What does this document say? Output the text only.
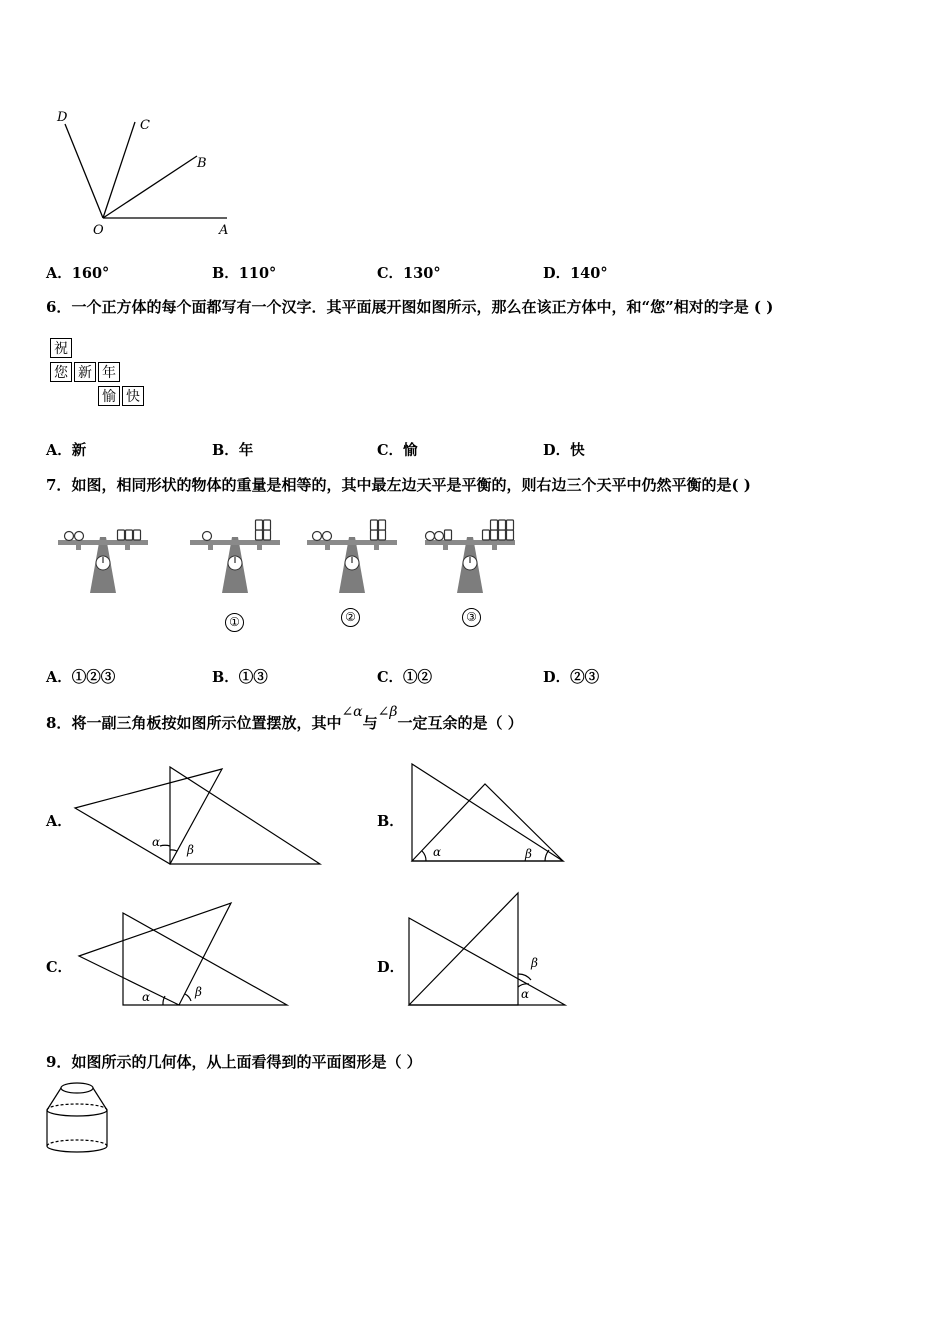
D
C
B
O	A
A．160°	B．110°	C．130°	D．140°
6．一个正方体的每个面都写有一个汉字．其平面展开图如图所示，那么在该正方体中，和“您”相对的字是 ( )
祝
您 新 年
愉 快
A．新	B．年	C．愉	D．快
7．如图，相同形状的物体的重量是相等的，其中最左边天平是平衡的，则右边三个天平中仍然平衡的是( )
①	②	③
A．①②③	B．①③	C．①②	D．②③
8．将一副三角板按如图所示位置摆放，其中∠α与∠β一定互余的是（ ）
A．	B．
C．	D．
α
β	α	β
α	β	α
β
9．如图所示的几何体，从上面看得到的平面图形是（ ）
